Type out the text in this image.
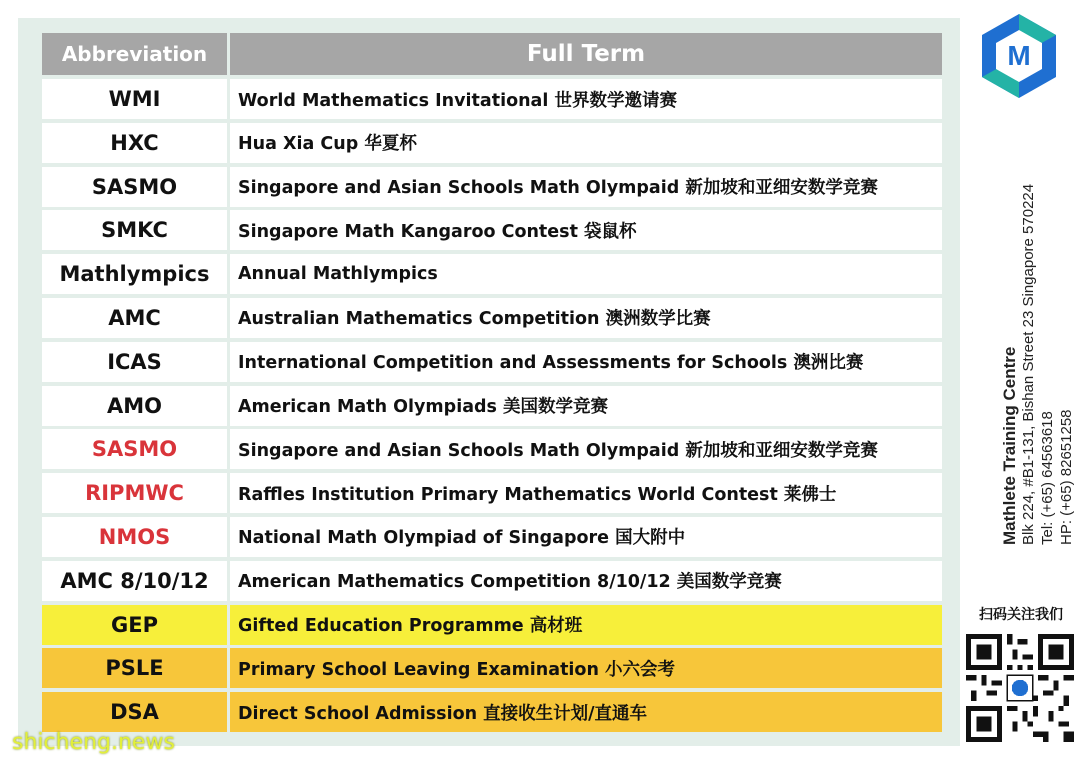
Abbreviation	Full Term
WMI	World Mathematics Invitational 世界数学邀请赛
HXC	Hua Xia Cup 华夏杯
SASMO	Singapore and Asian Schools Math Olympaid 新加坡和亚细安数学竞赛
SMKC	Singapore Math Kangaroo Contest 袋鼠杯
Mathlympics	Annual Mathlympics
AMC	Australian Mathematics Competition 澳洲数学比赛
ICAS	International Competition and Assessments for Schools 澳洲比赛
AMO	American Math Olympiads 美国数学竞赛
SASMO	Singapore and Asian Schools Math Olympaid 新加坡和亚细安数学竞赛
RIPMWC	Raffles Institution Primary Mathematics World Contest 莱佛士
NMOS	National Math Olympiad of Singapore 国大附中
AMC 8/10/12	American Mathematics Competition 8/10/12 美国数学竞赛
GEP	Gifted Education Programme 高材班
PSLE	Primary School Leaving Examination 小六会考
DSA	Direct School Admission 直接收生计划/直通车
M
Mathlete Training Centre Blk 224, #B1-131, Bishan Street 23 Singapore 570224 Tel: (+65) 64563618 HP: (+65) 82651258
扫码关注我们
shicheng.news
